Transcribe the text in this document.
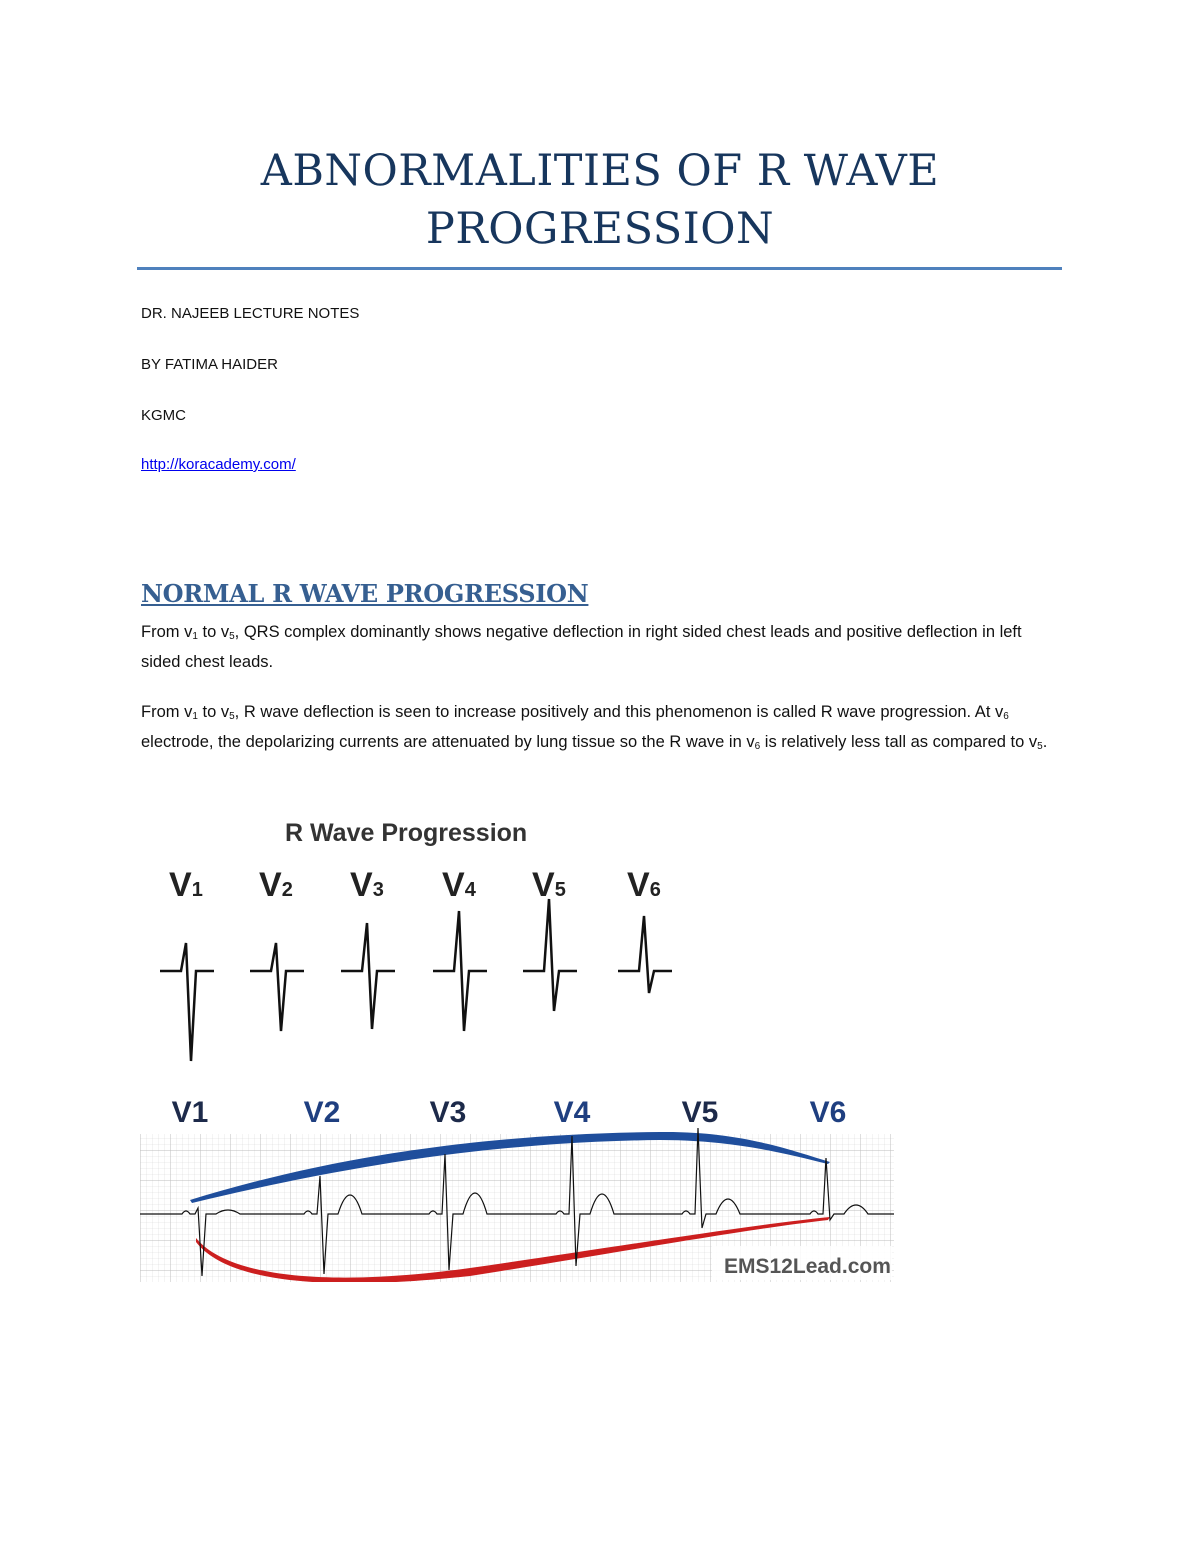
ABNORMALITIES OF R WAVE
PROGRESSION
DR. NAJEEB LECTURE NOTES
BY FATIMA HAIDER
KGMC
http://koracademy.com/
NORMAL R WAVE PROGRESSION

From $v_1$ to $v_5$, QRS complex dominantly shows negative deflection in right sided chest leads and positive deflection in left sided chest leads.

From $v_1$ to $v_5$, R wave deflection is seen to increase positively and this phenomenon is called R wave progression. At $v_6$ electrode, the depolarizing currents are attenuated by lung tissue so the R wave in $v_6$ is relatively less tall as compared to $v_5$.

R Wave Progression
V1 V2 V3 V4 V5 V6
V1	V2	V3	V4	V5	V6
EMS12Lead.com
